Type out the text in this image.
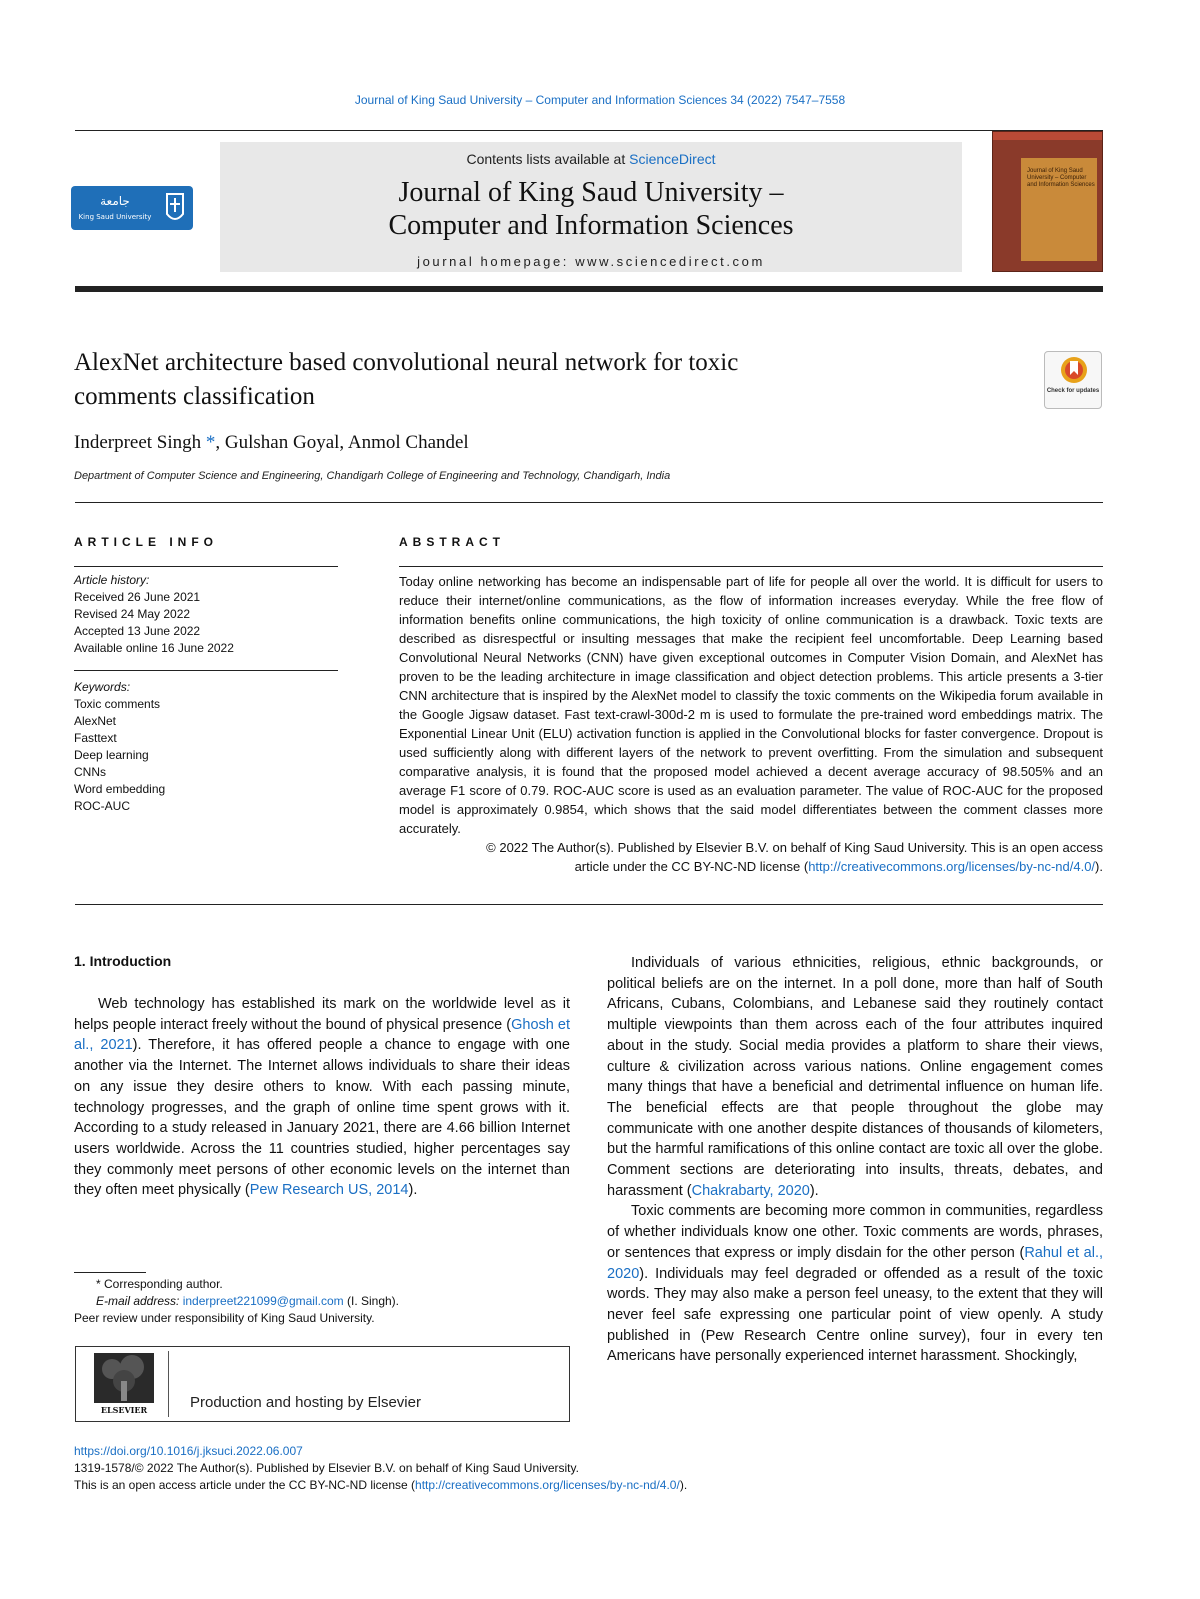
Journal of King Saud University – Computer and Information Sciences 34 (2022) 7547–7558
ﺟﺎﻣﻌﺔ
King Saud University
Contents lists available at ScienceDirect
Journal of King Saud University –
Computer and Information Sciences
journal homepage: www.sciencedirect.com
Journal of King Saud University – Computer and Information Sciences
AlexNet architecture based convolutional neural network for toxic
comments classification	Check for updates
Inderpreet Singh *, Gulshan Goyal, Anmol Chandel
Department of Computer Science and Engineering, Chandigarh College of Engineering and Technology, Chandigarh, India
ARTICLE INFO
Article history:
Received 26 June 2021
Revised 24 May 2022
Accepted 13 June 2022
Available online 16 June 2022
Keywords:
Toxic comments
AlexNet
Fasttext
Deep learning
CNNs
Word embedding
ROC-AUC
ABSTRACT
Today online networking has become an indispensable part of life for people all over the world. It is difficult for users to reduce their internet/online communications, as the flow of information increases everyday. While the free flow of information benefits online communications, the high toxicity of online communication is a drawback. Toxic texts are described as disrespectful or insulting messages that make the recipient feel uncomfortable. Deep Learning based Convolutional Neural Networks (CNN) have given exceptional outcomes in Computer Vision Domain, and AlexNet has proven to be the leading architecture in image classification and object detection problems. This article presents a 3-tier CNN architecture that is inspired by the AlexNet model to classify the toxic comments on the Wikipedia forum available in the Google Jigsaw dataset. Fast text-crawl-300d-2 m is used to formulate the pre-trained word embeddings matrix. The Exponential Linear Unit (ELU) activation function is applied in the Convolutional blocks for faster convergence. Dropout is used sufficiently along with different layers of the network to prevent overfitting. From the simulation and subsequent comparative analysis, it is found that the proposed model achieved a decent average accuracy of 98.505% and an average F1 score of 0.79. ROC-AUC score is used as an evaluation parameter. The value of ROC-AUC for the proposed model is approximately 0.9854, which shows that the said model differentiates between the comment classes more accurately.
© 2022 The Author(s). Published by Elsevier B.V. on behalf of King Saud University. This is an open access
article under the CC BY-NC-ND license (http://creativecommons.org/licenses/by-nc-nd/4.0/).
1. Introduction

Web technology has established its mark on the worldwide level as it helps people interact freely without the bound of physical presence (Ghosh et al., 2021). Therefore, it has offered people a chance to engage with one another via the Internet. The Internet allows individuals to share their ideas on any issue they desire others to know. With each passing minute, technology progresses, and the graph of online time spent grows with it. According to a study released in January 2021, there are 4.66 billion Internet users worldwide. Across the 11 countries studied, higher percentages say they commonly meet persons of other economic levels on the internet than they often meet physically (Pew Research US, 2014).

Individuals of various ethnicities, religious, ethnic backgrounds, or political beliefs are on the internet. In a poll done, more than half of South Africans, Cubans, Colombians, and Lebanese said they routinely contact multiple viewpoints than them across each of the four attributes inquired about in the study. Social media provides a platform to share their views, culture & civilization across various nations. Online engagement comes many things that have a beneficial and detrimental influence on human life. The beneficial effects are that people throughout the globe may communicate with one another despite distances of thousands of kilometers, but the harmful ramifications of this online contact are toxic all over the globe. Comment sections are deteriorating into insults, threats, debates, and harassment (Chakrabarty, 2020).

Toxic comments are becoming more common in communities, regardless of whether individuals know one other. Toxic comments are words, phrases, or sentences that express or imply disdain for the other person (Rahul et al., 2020). Individuals may feel degraded or offended as a result of the toxic words. They may also make a person feel uneasy, to the extent that they will never feel safe expressing one particular point of view openly. A study published in (Pew Research Centre online survey), four in every ten Americans have personally experienced internet harassment. Shockingly,

* Corresponding author.
E-mail address: inderpreet221099@gmail.com (I. Singh).
Peer review under responsibility of King Saud University.
ELSEVIER	Production and hosting by Elsevier
https://doi.org/10.1016/j.jksuci.2022.06.007
1319-1578/© 2022 The Author(s). Published by Elsevier B.V. on behalf of King Saud University.
This is an open access article under the CC BY-NC-ND license (http://creativecommons.org/licenses/by-nc-nd/4.0/).
